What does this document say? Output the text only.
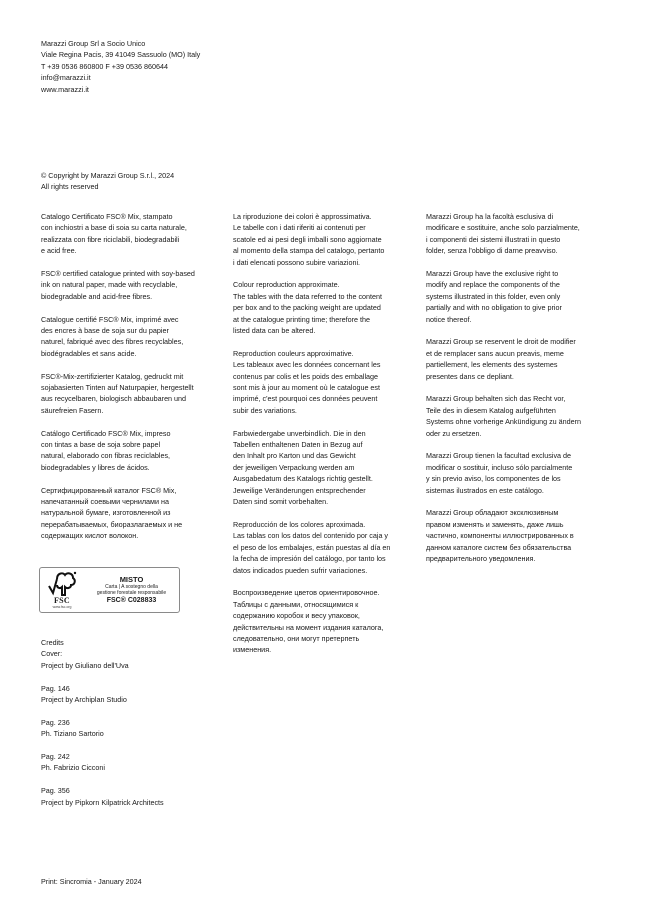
Marazzi Group Srl a Socio Unico
Viale Regina Pacis, 39 41049 Sassuolo (MO) Italy
T +39 0536 860800 F +39 0536 860644
info@marazzi.it
www.marazzi.it
© Copyright by Marazzi Group S.r.l., 2024
All rights reserved
Catalogo Certificato FSC® Mix, stampato
con inchiostri a base di soia su carta naturale,
realizzata con fibre riciclabili, biodegradabili
e acid free.
FSC® certified catalogue printed with soy-based
ink on natural paper, made with recyclable,
biodegradable and acid-free fibres.
Catalogue certifié FSC® Mix, imprimé avec
des encres à base de soja sur du papier
naturel, fabriqué avec des fibres recyclables,
biodégradables et sans acide.
FSC®-Mix-zertifizierter Katalog, gedruckt mit
sojabasierten Tinten auf Naturpapier, hergestellt
aus recycelbaren, biologisch abbaubaren und
säurefreien Fasern.
Catálogo Certificado FSC® Mix, impreso
con tintas a base de soja sobre papel
natural, elaborado con fibras reciclables,
biodegradables y libres de ácidos.
Сертифицированный каталог FSC® Mix,
напечатанный соевыми чернилами на
натуральной бумаге, изготовленной из
перерабатываемых, биоразлагаемых и не
содержащих кислот волокон.
La riproduzione dei colori è approssimativa.
Le tabelle con i dati riferiti ai contenuti per
scatole ed ai pesi degli imballi sono aggiornate
al momento della stampa del catalogo, pertanto
i dati elencati possono subire variazioni.
Colour reproduction approximate.
The tables with the data referred to the content
per box and to the packing weight are updated
at the catalogue printing time; therefore the
listed data can be altered.
Reproduction couleurs approximative.
Les tableaux avec les données concernant les
contenus par colis et les poids des emballage
sont mis à jour au moment où le catalogue est
imprimé, c'est pourquoi ces données peuvent
subir des variations.
Farbwiedergabe unverbindlich. Die in den
Tabellen enthaltenen Daten in Bezug auf
den Inhalt pro Karton und das Gewicht
der jeweiligen Verpackung werden am
Ausgabedatum des Katalogs richtig gestellt.
Jeweilige Veränderungen entsprechender
Daten sind somit vorbehalten.
Reproducción de los colores aproximada.
Las tablas con los datos del contenido por caja y
el peso de los embalajes, están puestas al día en
la fecha de impresión del catálogo, por tanto los
datos indicados pueden sufrir variaciones.
Воспроизведение цветов ориентировочное.
Таблицы с данными, относящимися к
содержанию коробок и весу упаковок,
действительны на момент издания каталога,
следовательно, они могут претерпеть
изменения.
Marazzi Group ha la facoltà esclusiva di
modificare e sostituire, anche solo parzialmente,
i componenti dei sistemi illustrati in questo
folder, senza l'obbligo di darne preavviso.
Marazzi Group have the exclusive right to
modify and replace the components of the
systems illustrated in this folder, even only
partially and with no obligation to give prior
notice thereof.
Marazzi Group se reservent le droit de modifier
et de remplacer sans aucun preavis, meme
partiellement, les elements des systemes
presentes dans ce depliant.
Marazzi Group behalten sich das Recht vor,
Teile des in diesem Katalog aufgeführten
Systems ohne vorherige Ankündigung zu ändern
oder zu ersetzen.
Marazzi Group tienen la facultad exclusiva de
modificar o sostituir, incluso sólo parcialmente
y sin previo aviso, los componentes de los
sistemas ilustrados en este catálogo.
Marazzi Group обладают эксклюзивным
правом изменять и заменять, даже лишь
частично, компоненты иллюстрированных в
данном каталоге систем без обязательства
предварительного уведомления.
FSC
www.fsc.org
MISTO
Carta | A sostegno della
gestione forestale responsabile
FSC® C028833
Credits
Cover:
Project by Giuliano dell'Uva
Pag. 146
Project by Archiplan Studio
Pag. 236
Ph. Tiziano Sartorio
Pag. 242
Ph. Fabrizio Cicconi
Pag. 356
Project by Pipkorn Kilpatrick Architects
Print: Sincromia - January 2024
